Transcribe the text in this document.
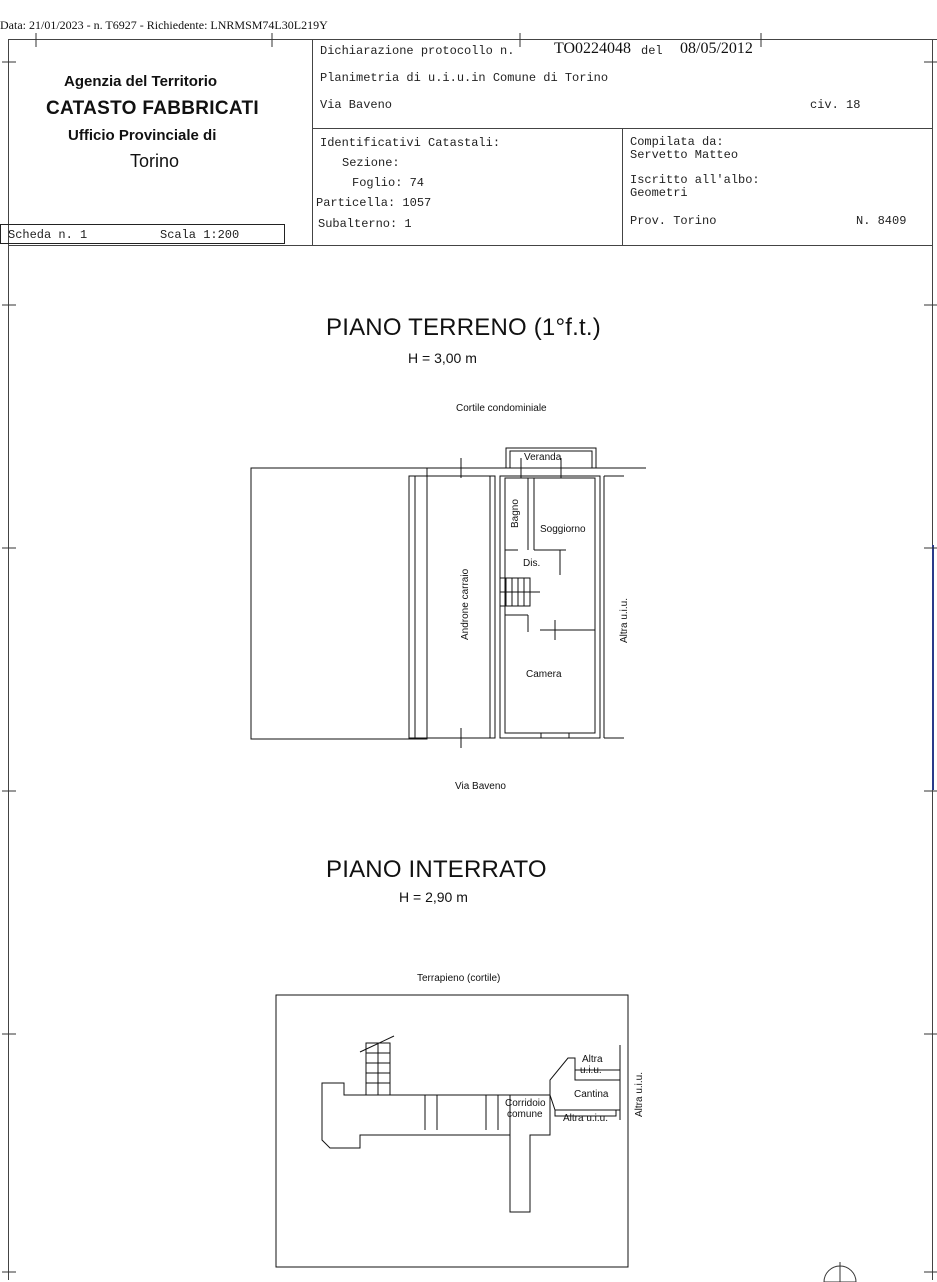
Data: 21/01/2023 - n. T6927 - Richiedente: LNRMSM74L30L219Y
Agenzia del Territorio
CATASTO FABBRICATI
Ufficio Provinciale di
Torino
Scheda n. 1	Scala 1:200
Dichiarazione protocollo n. TO0224048 del 08/05/2012
Planimetria di u.i.u.in Comune di Torino
Via Baveno	civ. 18
Identificativi Catastali:
Sezione:
Foglio: 74
Particella: 1057
Subalterno: 1
Compilata da:
Servetto Matteo
Iscritto all'albo:
Geometri
Prov. Torino	N. 8409
PIANO TERRENO (1°f.t.)
H = 3,00 m
Cortile condominiale
Veranda
Bagno
Soggiorno
Dis.
Androne carraio	Altra u.i.u.
Camera
Via Baveno
PIANO INTERRATO
H = 2,90 m
Terrapieno (cortile)
Altra
u.i.u.
Cantina
Corridoio
comune Altra u.i.u.
Altra u.i.u.
